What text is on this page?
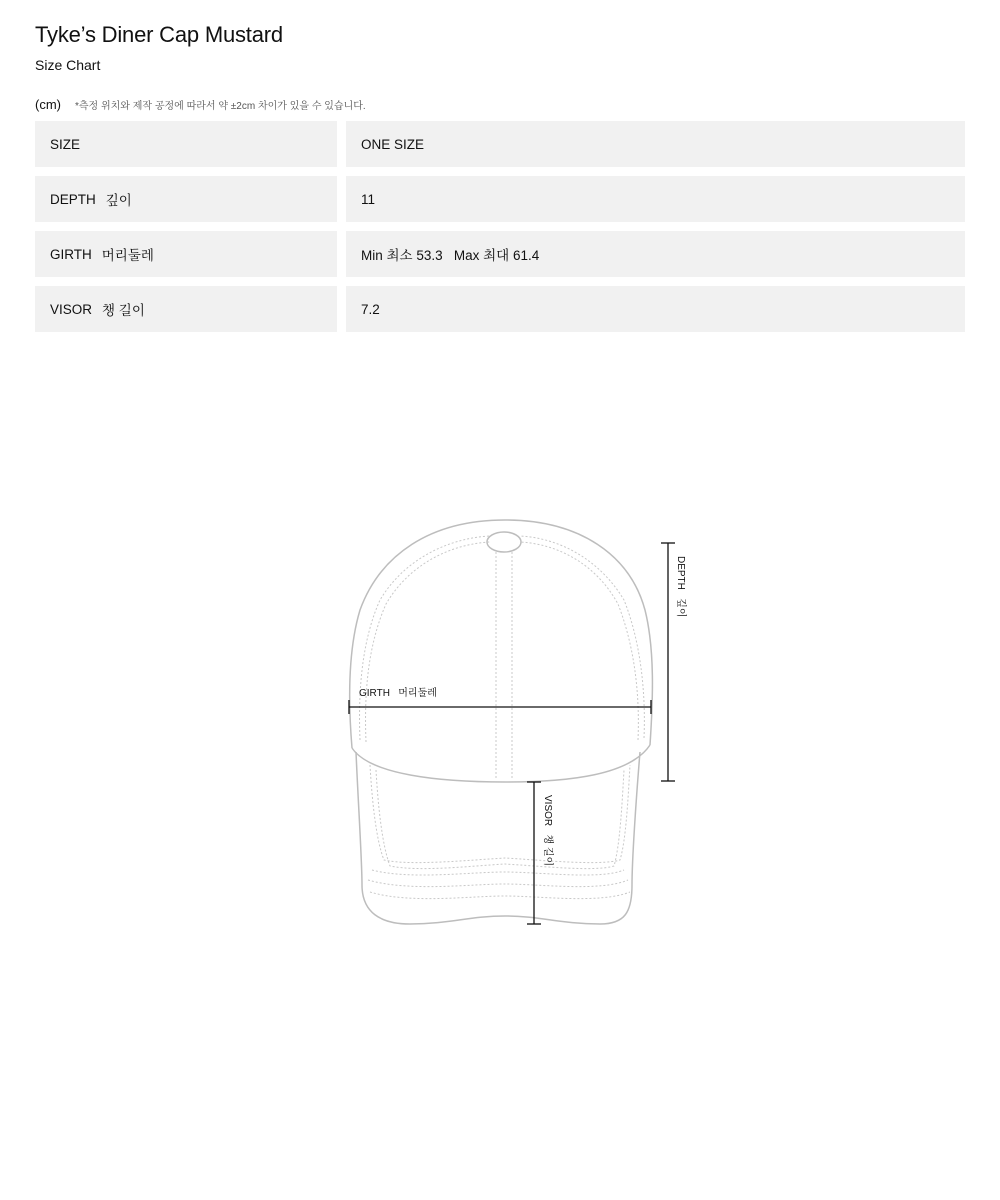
Tyke’s Diner Cap Mustard
Size Chart
(cm) *측정 위치와 제작 공정에 따라서 약 ±2cm 차이가 있을 수 있습니다.
SIZE	ONE SIZE
DEPTH 깊이	11
GIRTH 머리둘레	Min 최소 53.3   Max 최대 61.4
VISOR 챙 길이	7.2
GIRTH   머리둘레
DEPTH   깊이
VISOR   챙 길이
